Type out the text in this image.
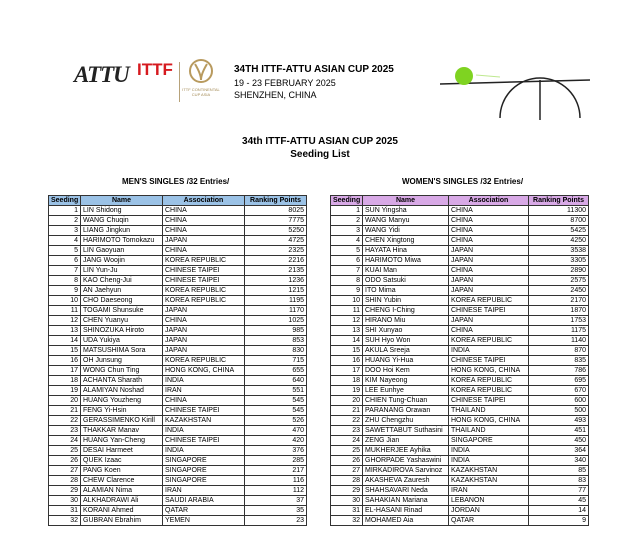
ATTU ITTF
ITTF CONTINENTAL CUP ASIA
34TH ITTF-ATTU ASIAN CUP 2025
19 - 23 FEBRUARY 2025
SHENZHEN, CHINA
34th ITTF-ATTU ASIAN CUP 2025
Seeding List
MEN'S SINGLES /32 Entries/	WOMEN'S SINGLES /32 Entries/
Seeding	Name	Association	Ranking Points
1	LIN Shidong	CHINA	8025
2	WANG Chuqin	CHINA	7775
3	LIANG Jingkun	CHINA	5250
4	HARIMOTO Tomokazu	JAPAN	4725
5	LIN Gaoyuan	CHINA	2325
6	JANG Woojin	KOREA REPUBLIC	2216
7	LIN Yun-Ju	CHINESE TAIPEI	2135
8	KAO Cheng-Jui	CHINESE TAIPEI	1236
9	AN Jaehyun	KOREA REPUBLIC	1215
10	CHO Daeseong	KOREA REPUBLIC	1195
11	TOGAMI Shunsuke	JAPAN	1170
12	CHEN Yuanyu	CHINA	1025
13	SHINOZUKA Hiroto	JAPAN	985
14	UDA Yukiya	JAPAN	853
15	MATSUSHIMA Sora	JAPAN	830
16	OH Junsung	KOREA REPUBLIC	715
17	WONG Chun Ting	HONG KONG, CHINA	655
18	ACHANTA Sharath	INDIA	640
19	ALAMIYAN Noshad	IRAN	551
20	HUANG Youzheng	CHINA	545
21	FENG Yi-Hsin	CHINESE TAIPEI	545
22	GERASSIMENKO Kirill	KAZAKHSTAN	526
23	THAKKAR Manav	INDIA	470
24	HUANG Yan-Cheng	CHINESE TAIPEI	420
25	DESAI Harmeet	INDIA	376
26	QUEK Izaac	SINGAPORE	285
27	PANG Koen	SINGAPORE	217
28	CHEW Clarence	SINGAPORE	116
29	ALAMIAN Nima	IRAN	112
30	ALKHADRAWI Ali	SAUDI ARABIA	37
31	KORANI Ahmed	QATAR	35
32	GUBRAN Ebrahim	YEMEN	23
Seeding	Name	Association	Ranking Points
1	SUN Yingsha	CHINA	11300
2	WANG Manyu	CHINA	8700
3	WANG Yidi	CHINA	5425
4	CHEN Xingtong	CHINA	4250
5	HAYATA Hina	JAPAN	3538
6	HARIMOTO Miwa	JAPAN	3305
7	KUAI Man	CHINA	2890
8	ODO Satsuki	JAPAN	2575
9	ITO Mima	JAPAN	2450
10	SHIN Yubin	KOREA REPUBLIC	2170
11	CHENG I-Ching	CHINESE TAIPEI	1870
12	HIRANO Miu	JAPAN	1753
13	SHI Xunyao	CHINA	1175
14	SUH Hyo Won	KOREA REPUBLIC	1140
15	AKULA Sreeja	INDIA	870
16	HUANG Yi-Hua	CHINESE TAIPEI	835
17	DOO Hoi Kem	HONG KONG, CHINA	786
18	KIM Nayeong	KOREA REPUBLIC	695
19	LEE Eunhye	KOREA REPUBLIC	670
20	CHIEN Tung-Chuan	CHINESE TAIPEI	600
21	PARANANG Orawan	THAILAND	500
22	ZHU Chengzhu	HONG KONG, CHINA	493
23	SAWETTABUT Suthasini	THAILAND	451
24	ZENG Jian	SINGAPORE	450
25	MUKHERJEE Ayhika	INDIA	364
26	GHORPADE Yashaswini	INDIA	340
27	MIRKADIROVA Sarvinoz	KAZAKHSTAN	85
28	AKASHEVA Zauresh	KAZAKHSTAN	83
29	SHAHSAVARI Neda	IRAN	77
30	SAHAKIAN Mariana	LEBANON	45
31	EL-HASANI Rinad	JORDAN	14
32	MOHAMED Aia	QATAR	9
